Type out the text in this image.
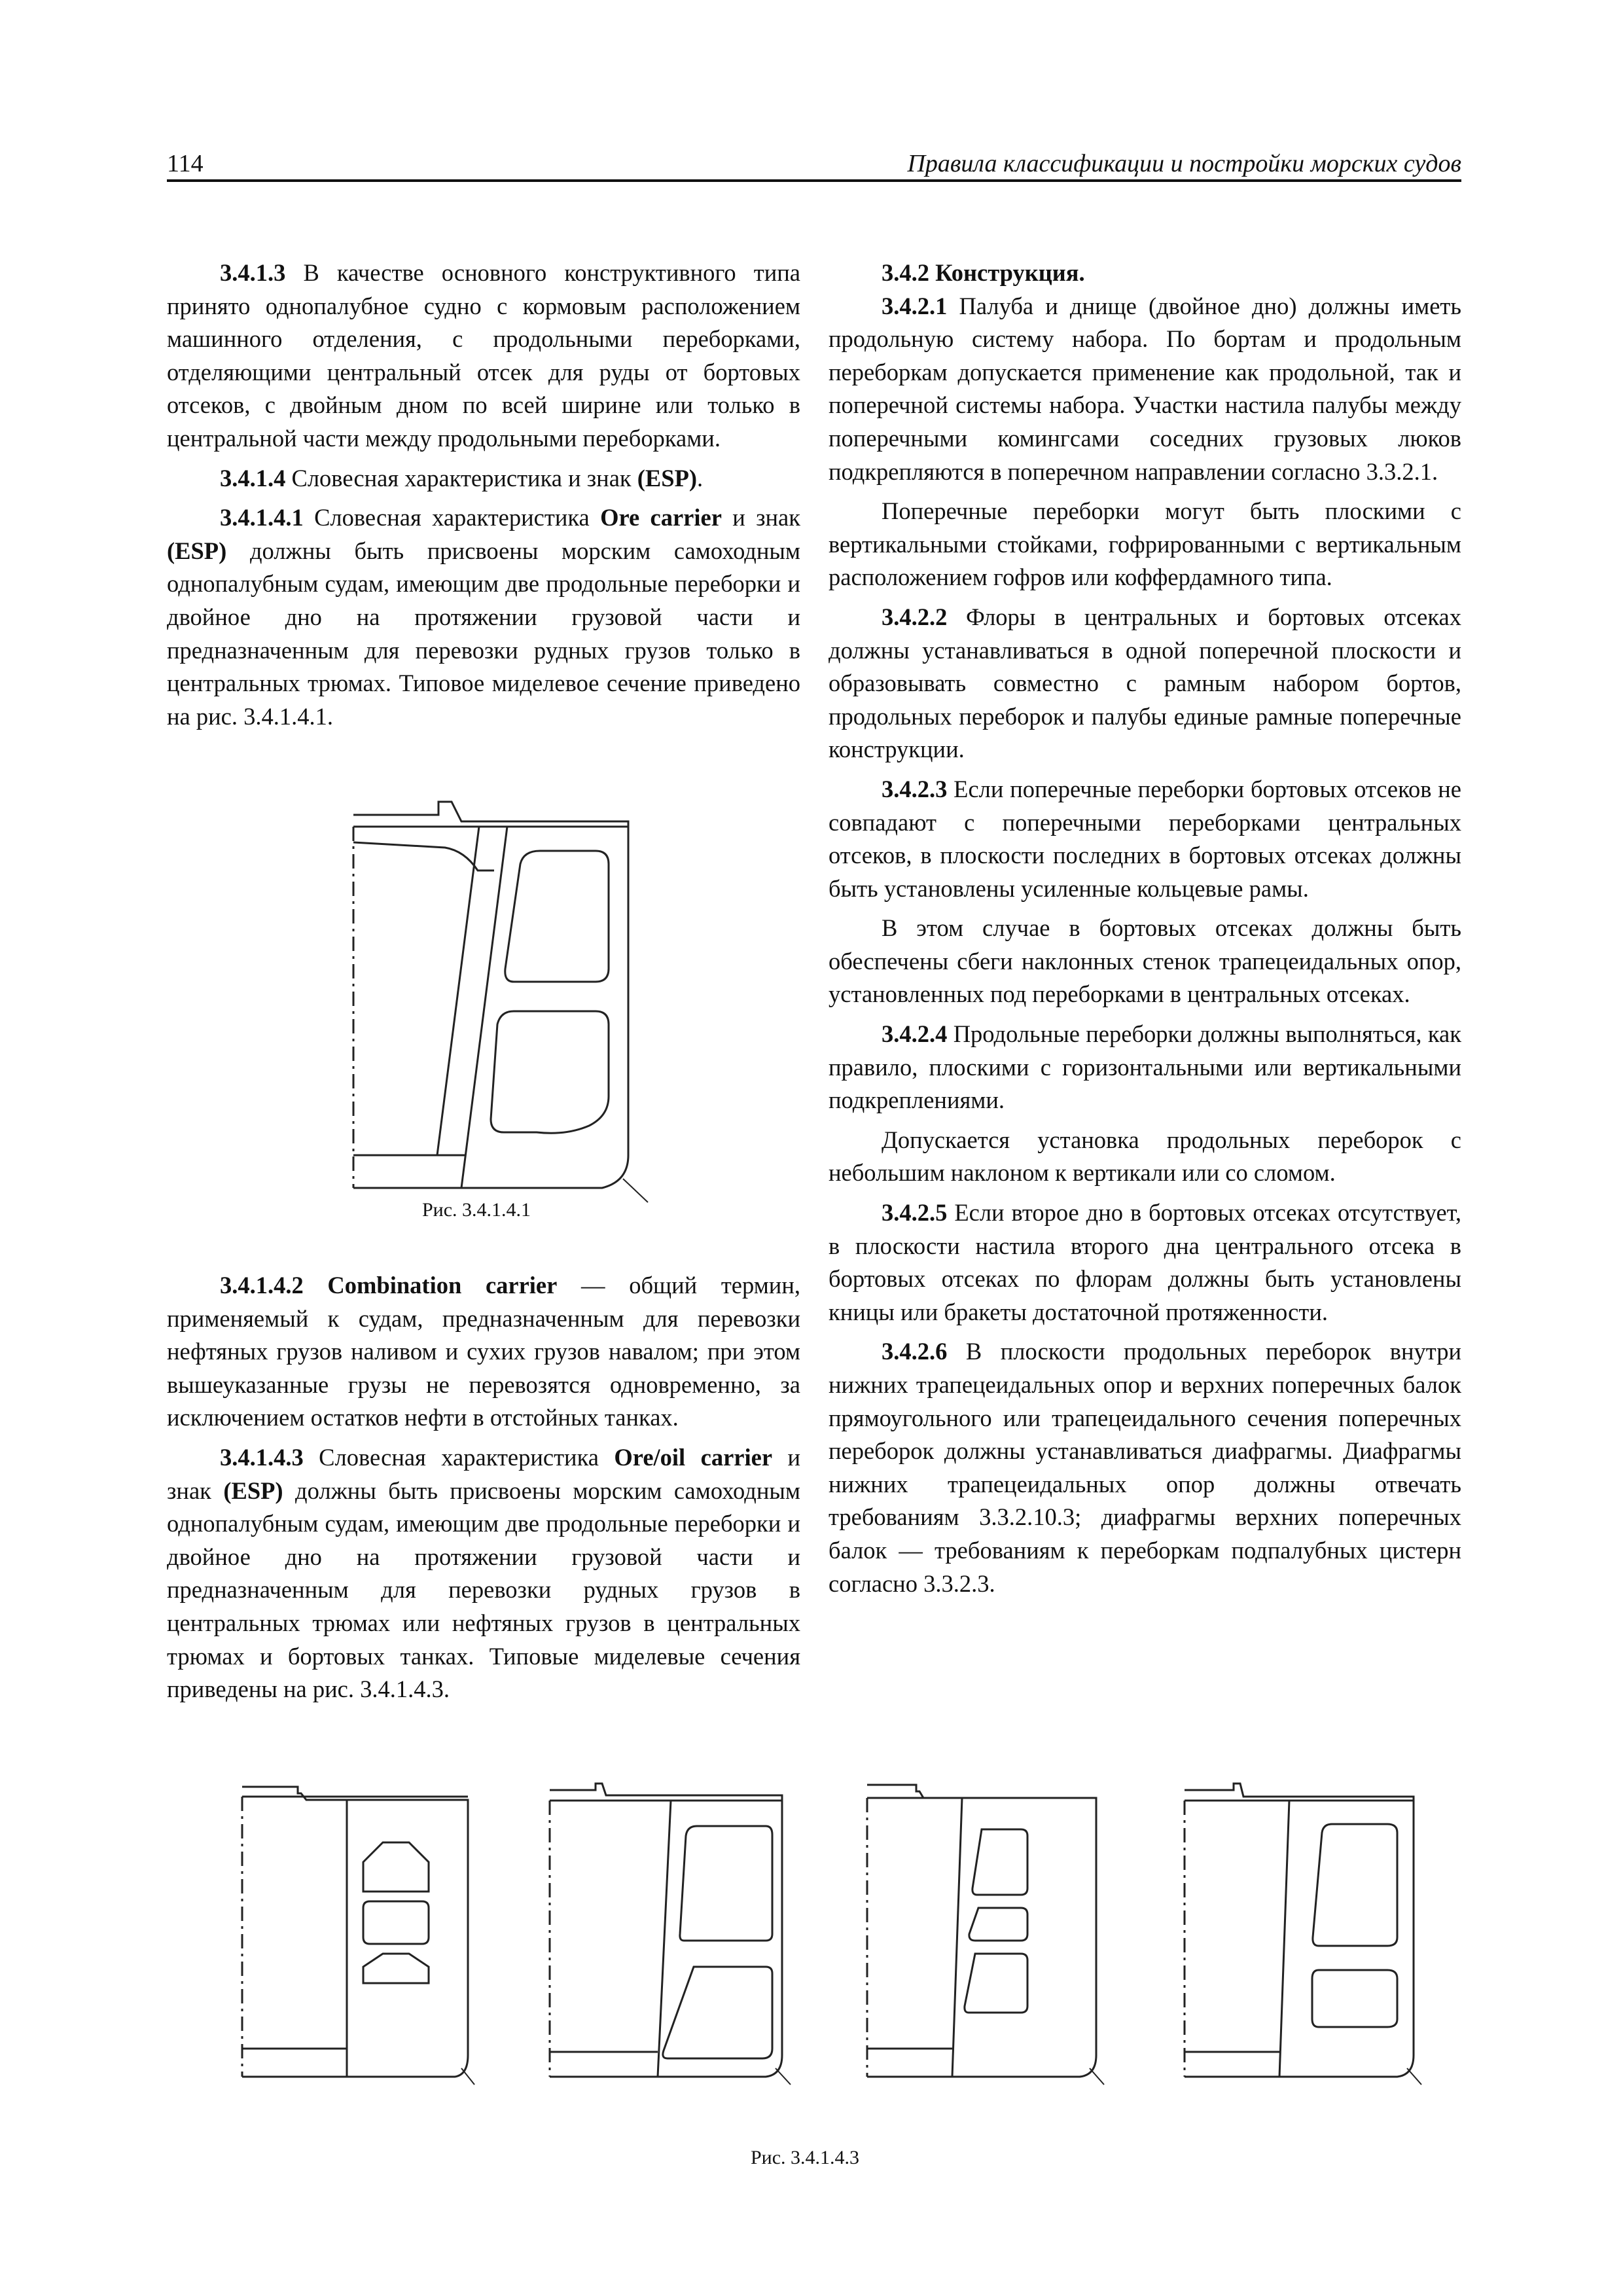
114	Правила классификации и постройки морских судов

3.4.1.3 В качестве основного конструктивного типа принято однопалубное судно с кормовым расположением машинного отделения, с продольными переборками, отделяющими центральный отсек для руды от бортовых отсеков, с двойным дном по всей ширине или только в центральной части между продольными переборками.

3.4.1.4 Словесная характеристика и знак (ESP).

3.4.1.4.1 Словесная характеристика Ore carrier и знак (ESP) должны быть присвоены морским самоходным однопалубным судам, имеющим две продольные переборки и двойное дно на протяжении грузовой части и предназначенным для перевозки рудных грузов только в центральных трюмах. Типовое миделевое сечение приведено на рис. 3.4.1.4.1.

Рис. 3.4.1.4.1

3.4.1.4.2 Combination carrier — общий термин, применяемый к судам, предназначенным для перевозки нефтяных грузов наливом и сухих грузов навалом; при этом вышеуказанные грузы не перевозятся одновременно, за исключением остатков нефти в отстойных танках.

3.4.1.4.3 Словесная характеристика Ore/oil carrier и знак (ESP) должны быть присвоены морским самоходным однопалубным судам, имеющим две продольные переборки и двойное дно на протяжении грузовой части и предназначенным для перевозки рудных грузов в центральных трюмах или нефтяных грузов в центральных трюмах и бортовых танках. Типовые миделевые сечения приведены на рис. 3.4.1.4.3.

3.4.2 Конструкция.

3.4.2.1 Палуба и днище (двойное дно) должны иметь продольную систему набора. По бортам и продольным переборкам допускается применение как продольной, так и поперечной системы набора. Участки настила палубы между поперечными комингсами соседних грузовых люков подкрепляются в поперечном направлении согласно 3.3.2.1.

Поперечные переборки могут быть плоскими с вертикальными стойками, гофрированными с вертикальным расположением гофров или коффердамного типа.

3.4.2.2 Флоры в центральных и бортовых отсеках должны устанавливаться в одной поперечной плоскости и образовывать совместно с рамным набором бортов, продольных переборок и палубы единые рамные поперечные конструкции.

3.4.2.3 Если поперечные переборки бортовых отсеков не совпадают с поперечными переборками центральных отсеков, в плоскости последних в бортовых отсеках должны быть установлены усиленные кольцевые рамы.

В этом случае в бортовых отсеках должны быть обеспечены сбеги наклонных стенок трапецеидальных опор, установленных под переборками в центральных отсеках.

3.4.2.4 Продольные переборки должны выполняться, как правило, плоскими с горизонтальными или вертикальными подкреплениями.

Допускается установка продольных переборок с небольшим наклоном к вертикали или со сломом.

3.4.2.5 Если второе дно в бортовых отсеках отсутствует, в плоскости настила второго дна центрального отсека в бортовых отсеках по флорам должны быть установлены кницы или бракеты достаточной протяженности.

3.4.2.6 В плоскости продольных переборок внутри нижних трапецеидальных опор и верхних поперечных балок прямоугольного или трапецеидального сечения поперечных переборок должны устанавливаться диафрагмы. Диафрагмы нижних трапецеидальных опор должны отвечать требованиям 3.3.2.10.3; диафрагмы верхних поперечных балок — требованиям к переборкам подпалубных цистерн согласно 3.3.2.3.

Рис. 3.4.1.4.3
